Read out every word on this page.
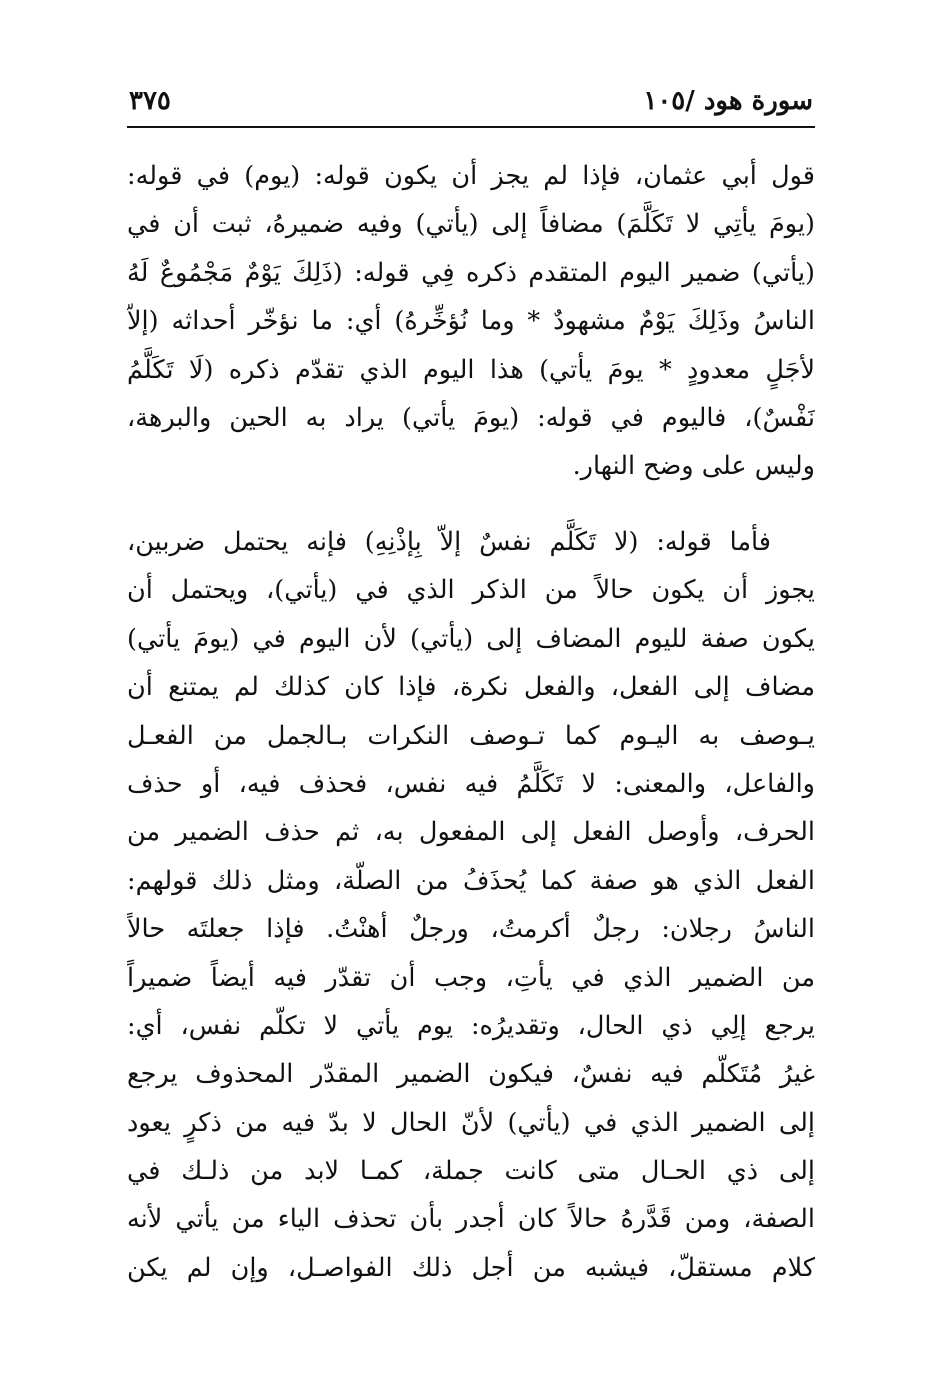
٣٧٥	سورة هود /١٠٥
قول أبي عثمان، فإذا لم يجز أن يكون قوله: (يوم) في قوله:
(يومَ يأتِي لا تَكَلَّمَ) مضافاً إلى (يأتي) وفيه ضميرهُ، ثبت أن في
(يأتي) ضمير اليوم المتقدم ذكره فِي قوله: (ذَلِكَ يَوْمٌ مَجْمُوعٌ لَهُ
الناسُ وذَلِكَ يَوْمٌ مشهودٌ * وما نُؤخِّرهُ) أي: ما نؤخّر أحداثه (إلاّ
لأجَلٍ معدودٍ * يومَ يأتي) هذا اليوم الذي تقدّم ذكره (لَا تَكَلَّمُ
نَفْسٌ)، فاليوم في قوله: (يومَ يأتي) يراد به الحين والبرهة،
وليس على وضح النهار.
فأما قوله: (لا تَكَلَّم نفسٌ إلاّ بِإذْنِهِ) فإنه يحتمل ضربين،
يجوز أن يكون حالاً من الذكر الذي في (يأتي)، ويحتمل أن
يكون صفة لليوم المضاف إلى (يأتي) لأن اليوم في (يومَ يأتي)
مضاف إلى الفعل، والفعل نكرة، فإذا كان كذلك لم يمتنع أن
يـوصف به اليـوم كما تـوصف النكرات بـالجمل من الفعـل
والفاعل، والمعنى: لا تَكَلَّمُ فيه نفس، فحذف فيه، أو حذف
الحرف، وأوصل الفعل إلى المفعول به، ثم حذف الضمير من
الفعل الذي هو صفة كما يُحذَفُ من الصلّة، ومثل ذلك قولهم:
الناسُ رجلان: رجلٌ أكرمتُ، ورجلٌ أهنْتُ. فإذا جعلتَه حالاً
من الضمير الذي في يأتِ، وجب أن تقدّر فيه أيضاً ضميراً
يرجع إلِي ذي الحال، وتقديرُه: يوم يأتي لا تكلّم نفس، أي:
غيرُ مُتَكلّم فيه نفسٌ، فيكون الضمير المقدّر المحذوف يرجع
إلى الضمير الذي في (يأتي) لأنّ الحال لا بدّ فيه من ذكرٍ يعود
إلى ذي الحـال متى كانت جملة، كمـا لابد من ذلـك في
الصفة، ومن قَدَّرهُ حالاً كان أجدر بأن تحذف الياء من يأتي لأنه
كلام مستقلّ، فيشبه من أجل ذلك الفواصـل، وإن لم يكن
